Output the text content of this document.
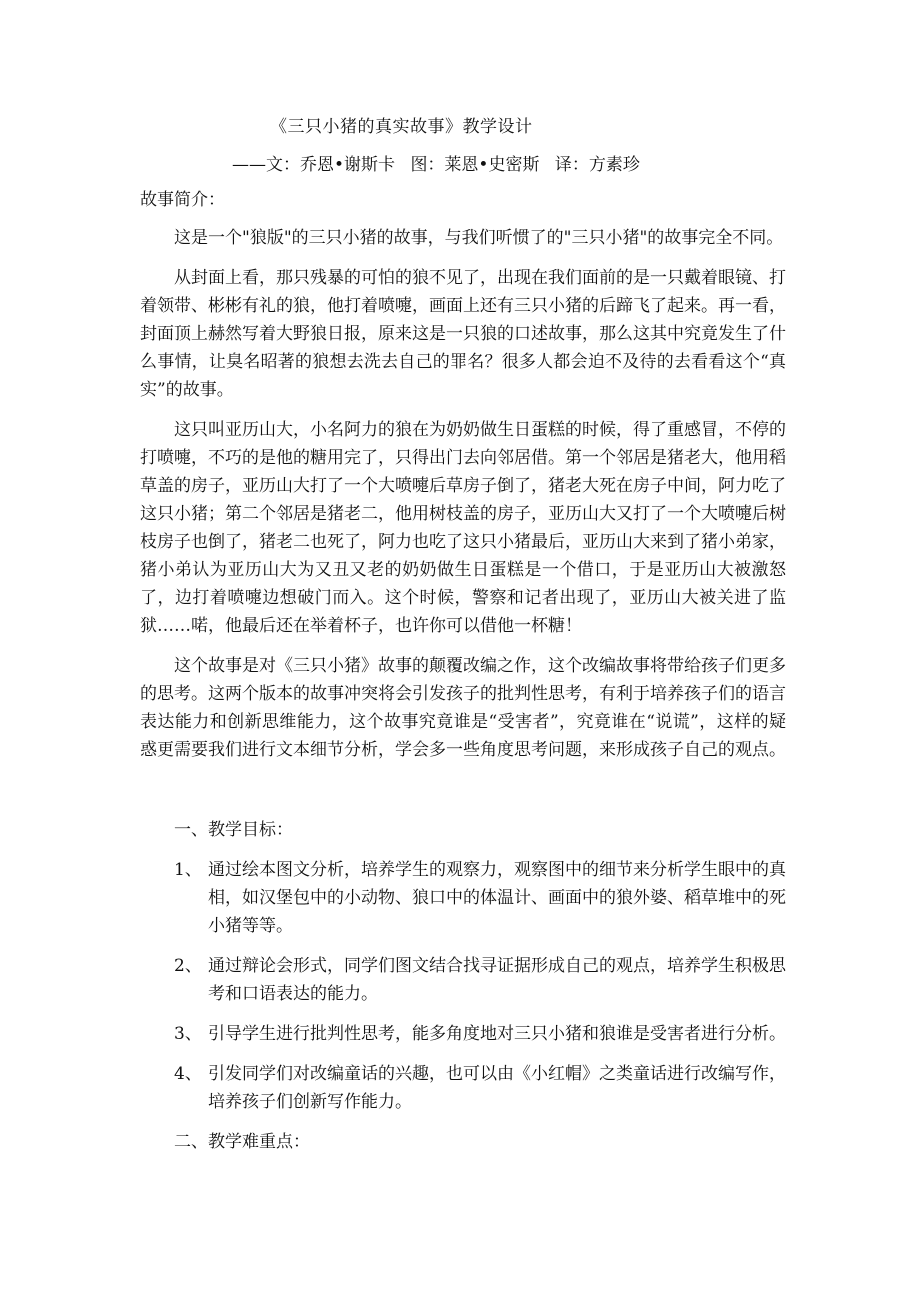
《三只小猪的真实故事》教学设计
——文：乔恩•谢斯卡 图：莱恩•史密斯 译：方素珍
故事简介：

这是一个"狼版"的三只小猪的故事，与我们听惯了的"三只小猪"的故事完全不同。

从封面上看，那只残暴的可怕的狼不见了，出现在我们面前的是一只戴着眼镜、打着领带、彬彬有礼的狼，他打着喷嚏，画面上还有三只小猪的后蹄飞了起来。再一看，封面顶上赫然写着大野狼日报，原来这是一只狼的口述故事，那么这其中究竟发生了什么事情，让臭名昭著的狼想去洗去自己的罪名？很多人都会迫不及待的去看看这个“真实”的故事。

这只叫亚历山大，小名阿力的狼在为奶奶做生日蛋糕的时候，得了重感冒，不停的打喷嚏，不巧的是他的糖用完了，只得出门去向邻居借。第一个邻居是猪老大，他用稻草盖的房子，亚历山大打了一个大喷嚏后草房子倒了，猪老大死在房子中间，阿力吃了这只小猪；第二个邻居是猪老二，他用树枝盖的房子，亚历山大又打了一个大喷嚏后树枝房子也倒了，猪老二也死了，阿力也吃了这只小猪最后，亚历山大来到了猪小弟家，猪小弟认为亚历山大为又丑又老的奶奶做生日蛋糕是一个借口，于是亚历山大被激怒了，边打着喷嚏边想破门而入。这个时候，警察和记者出现了，亚历山大被关进了监狱……喏，他最后还在举着杯子，也许你可以借他一杯糖！

这个故事是对《三只小猪》故事的颠覆改编之作，这个改编故事将带给孩子们更多的思考。这两个版本的故事冲突将会引发孩子的批判性思考，有利于培养孩子们的语言表达能力和创新思维能力，这个故事究竟谁是“受害者”，究竟谁在“说谎”，这样的疑惑更需要我们进行文本细节分析，学会多一些角度思考问题，来形成孩子自己的观点。

一、教学目标：
1、 通过绘本图文分析，培养学生的观察力，观察图中的细节来分析学生眼中的真相，如汉堡包中的小动物、狼口中的体温计、画面中的狼外婆、稻草堆中的死小猪等等。
2、 通过辩论会形式，同学们图文结合找寻证据形成自己的观点，培养学生积极思考和口语表达的能力。
3、 引导学生进行批判性思考，能多角度地对三只小猪和狼谁是受害者进行分析。
4、 引发同学们对改编童话的兴趣，也可以由《小红帽》之类童话进行改编写作，培养孩子们创新写作能力。
二、教学难重点：
